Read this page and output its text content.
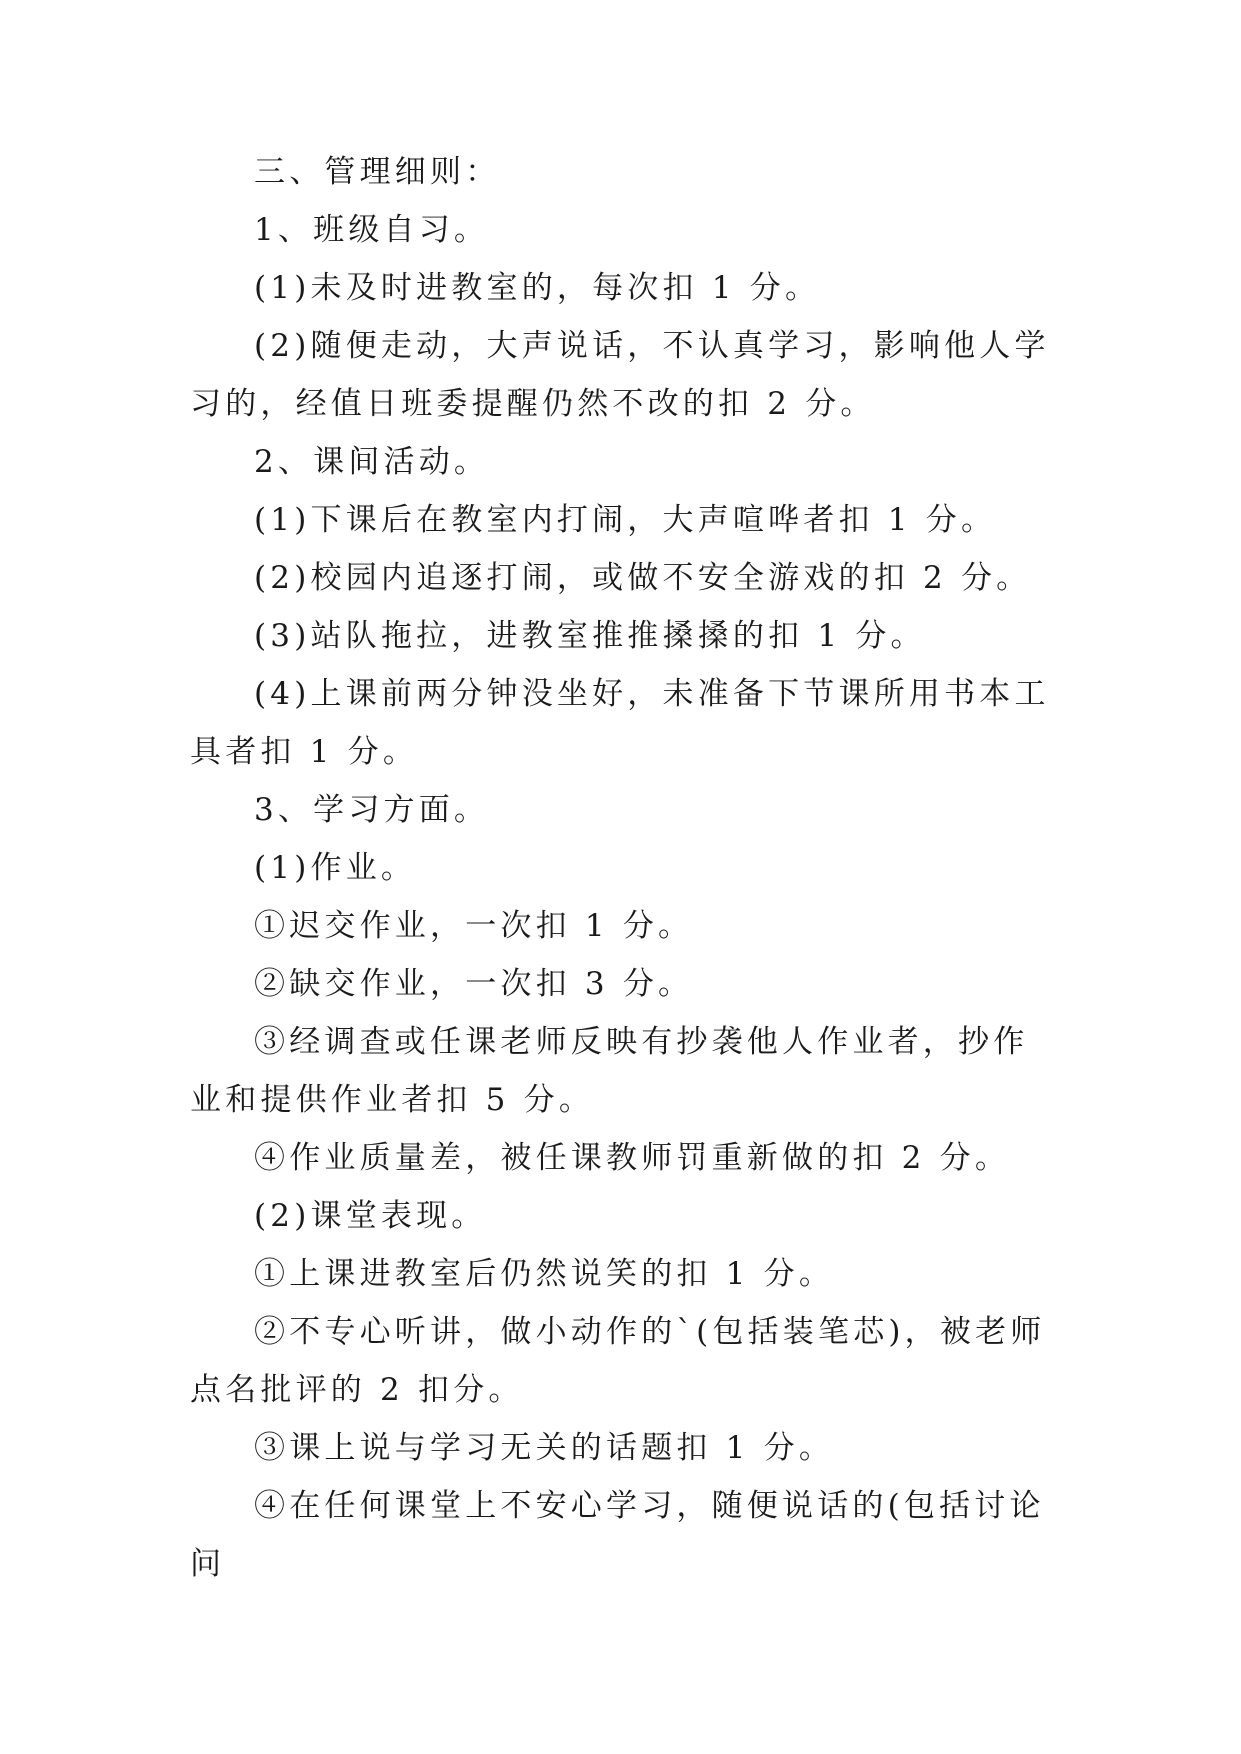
三、管理细则：

1、班级自习。

(1)未及时进教室的，每次扣 1 分。

(2)随便走动，大声说话，不认真学习，影响他人学习的，经值日班委提醒仍然不改的扣 2 分。

2、课间活动。

(1)下课后在教室内打闹，大声喧哗者扣 1 分。

(2)校园内追逐打闹，或做不安全游戏的扣 2 分。

(3)站队拖拉，进教室推推搡搡的扣 1 分。

(4)上课前两分钟没坐好，未准备下节课所用书本工具者扣 1 分。

3、学习方面。

(1)作业。

①迟交作业，一次扣 1 分。

②缺交作业，一次扣 3 分。

③经调查或任课老师反映有抄袭他人作业者，抄作业和提供作业者扣 5 分。

④作业质量差，被任课教师罚重新做的扣 2 分。

(2)课堂表现。

①上课进教室后仍然说笑的扣 1 分。

②不专心听讲，做小动作的`(包括装笔芯)，被老师点名批评的 2 扣分。

③课上说与学习无关的话题扣 1 分。

④在任何课堂上不安心学习，随便说话的(包括讨论问
